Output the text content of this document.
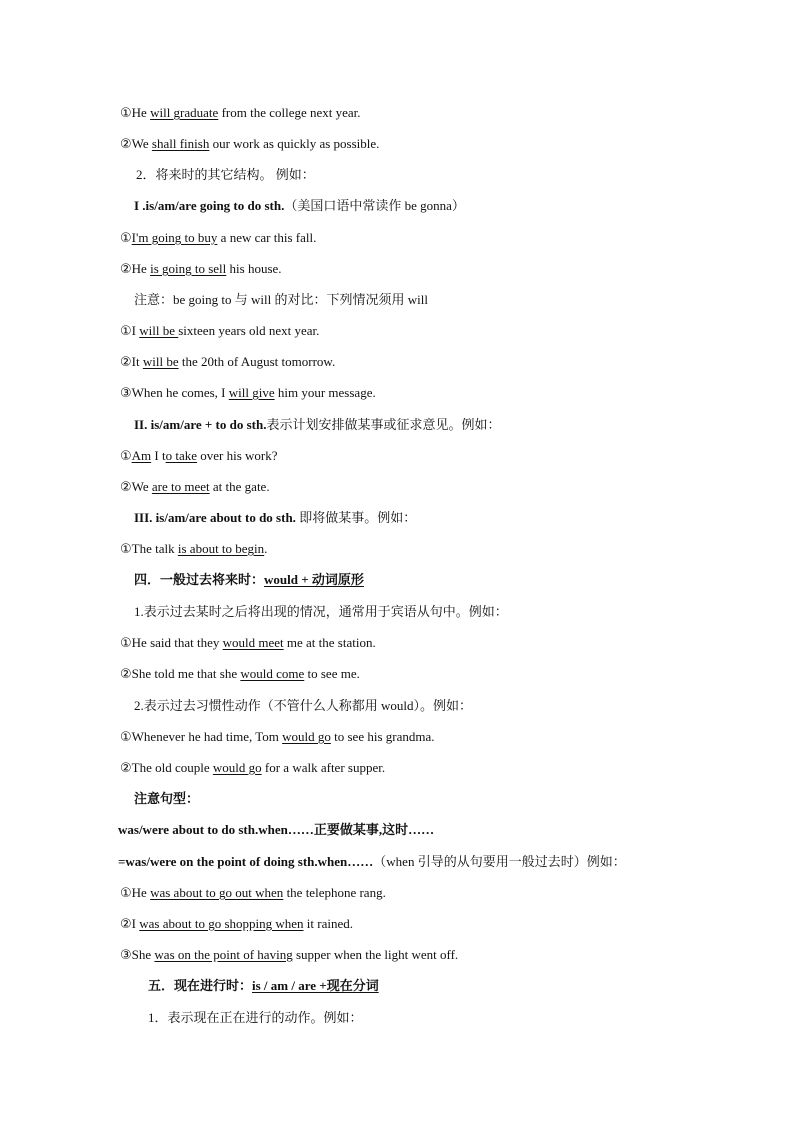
①He will graduate from the college next year.
②We shall finish our work as quickly as possible.
2．将来时的其它结构。 例如：
I .is/am/are going to do sth.（美国口语中常读作 be gonna）
①I'm going to buy a new car this fall.
②He is going to sell his house.
注意：be going to 与 will 的对比：下列情况须用 will
①I will be sixteen years old next year.
②It will be the 20th of August tomorrow.
③When he comes, I will give him your message.
II. is/am/are + to do sth.表示计划安排做某事或征求意见。例如：
①Am I to take over his work?
②We are to meet at the gate.
III. is/am/are about to do sth. 即将做某事。例如：
①The talk is about to begin.
四．一般过去将来时：would + 动词原形
1.表示过去某时之后将出现的情况，通常用于宾语从句中。例如：
①He said that they would meet me at the station.
②She told me that she would come to see me.
2.表示过去习惯性动作（不管什么人称都用 would）。例如：
①Whenever he had time, Tom would go to see his grandma.
②The old couple would go for a walk after supper.
注意句型：
was/were about to do sth.when……正要做某事,这时……
=was/were on the point of doing sth.when……（when 引导的从句要用一般过去时）例如：
①He was about to go out when the telephone rang.
②I was about to go shopping when it rained.
③She was on the point of having supper when the light went off.
五．现在进行时：is / am / are +现在分词
1．表示现在正在进行的动作。例如：
